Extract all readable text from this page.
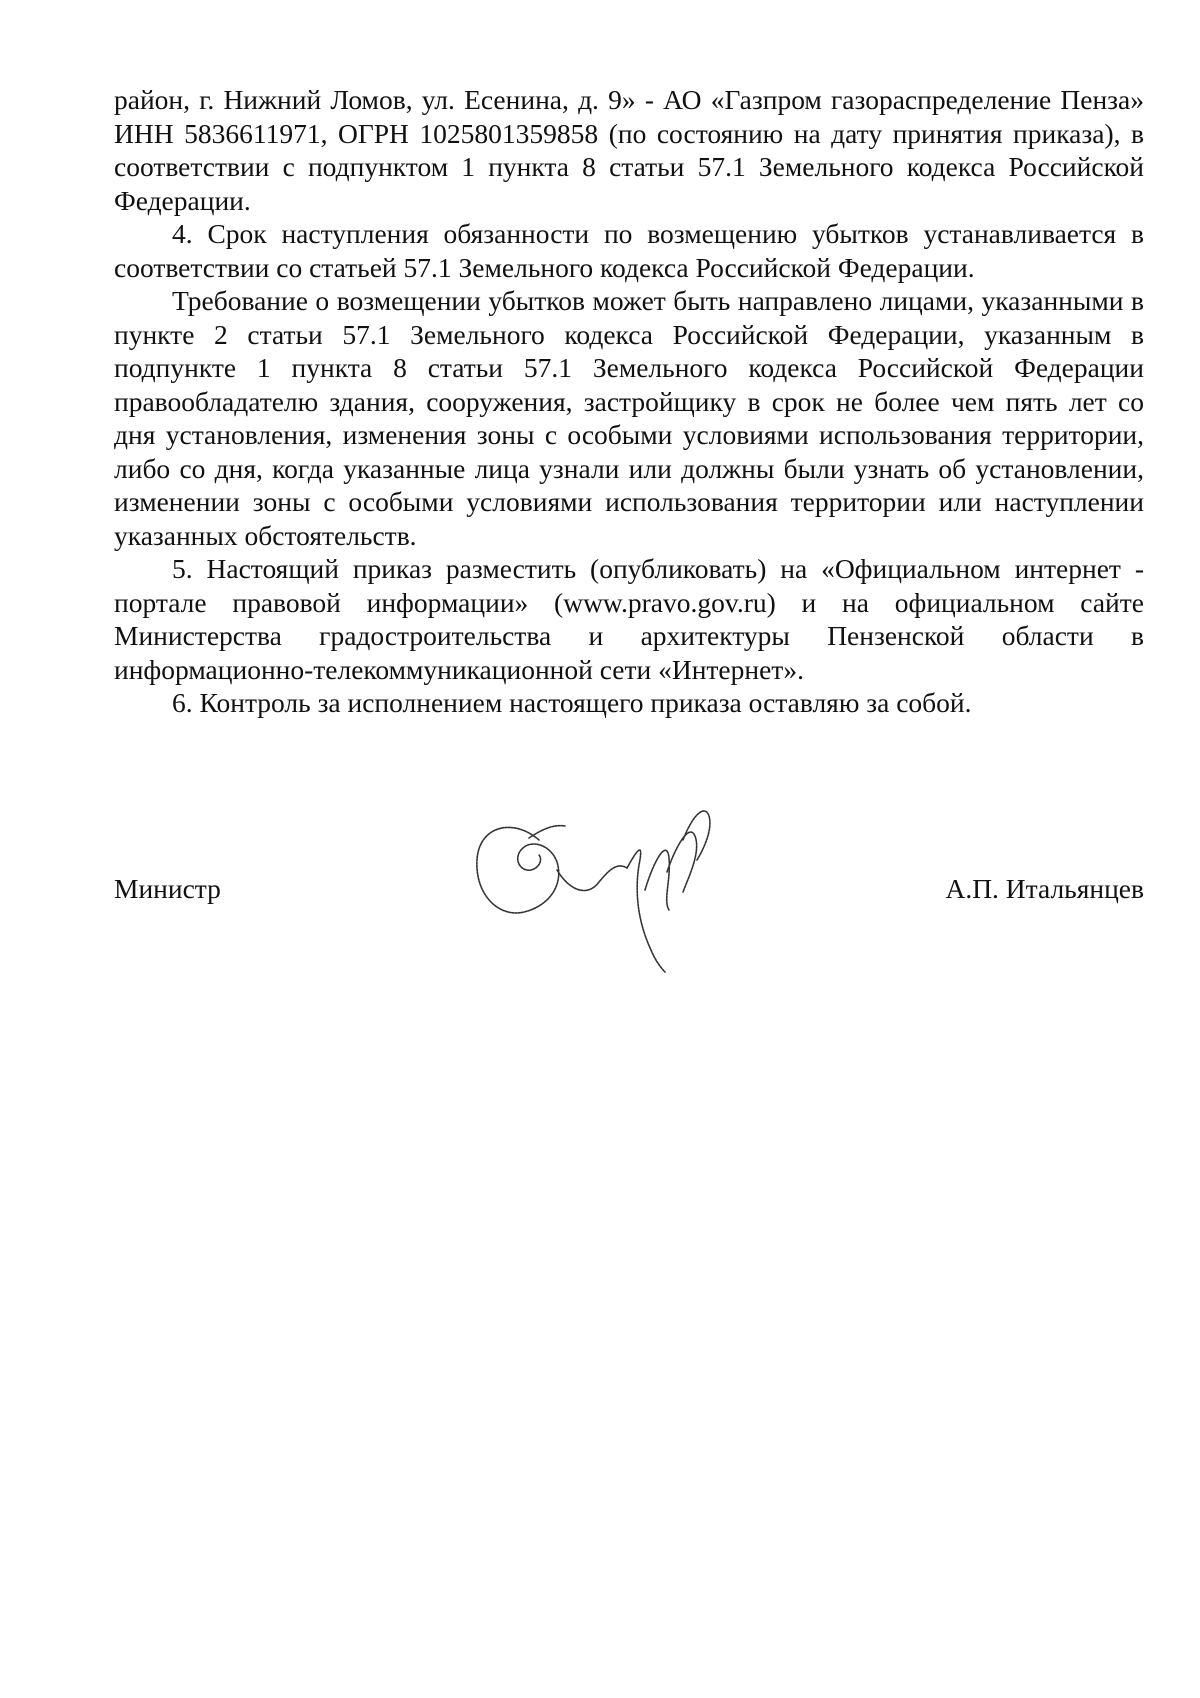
район, г. Нижний Ломов, ул. Есенина, д. 9» - АО «Газпром газораспределение Пенза» ИНН 5836611971, ОГРН 1025801359858 (по состоянию на дату принятия приказа), в соответствии с подпунктом 1 пункта 8 статьи 57.1 Земельного кодекса Российской Федерации.

4. Срок наступления обязанности по возмещению убытков устанавливается в соответствии со статьей 57.1 Земельного кодекса Российской Федерации.

Требование о возмещении убытков может быть направлено лицами, указанными в пункте 2 статьи 57.1 Земельного кодекса Российской Федерации, указанным в подпункте 1 пункта 8 статьи 57.1 Земельного кодекса Российской Федерации правообладателю здания, сооружения, застройщику в срок не более чем пять лет со дня установления, изменения зоны с особыми условиями использования территории, либо со дня, когда указанные лица узнали или должны были узнать об установлении, изменении зоны с особыми условиями использования территории или наступлении указанных обстоятельств.

5. Настоящий приказ разместить (опубликовать) на «Официальном интернет - портале правовой информации» (www.pravo.gov.ru) и на официальном сайте Министерства градостроительства и архитектуры Пензенской области в информационно-телекоммуникационной сети «Интернет».

6. Контроль за исполнением настоящего приказа оставляю за собой.

Министр	А.П. Итальянцев
